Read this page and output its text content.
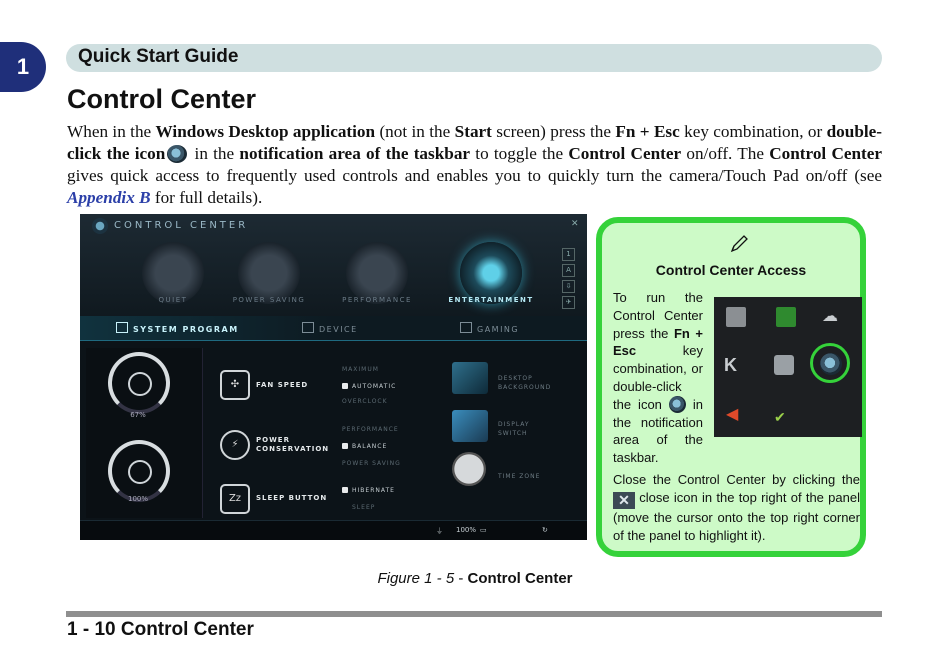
1	Quick Start Guide
Control Center

When in the Windows Desktop application (not in the Start screen) press the Fn + Esc key combination, or double-click the icon in the notification area of the taskbar to toggle the Control Center on/off. The Control Center gives quick access to frequently used controls and enables you to quickly turn the camera/Touch Pad on/off (see Appendix B for full details).

CONTROL CENTER	✕
QUIET	POWER SAVING	PERFORMANCE	ENTERTAINMENT
1
A
⇩
✈
SYSTEM PROGRAM	DEVICE	GAMING
67%
100%
✣	FAN SPEED
MAXIMUM
AUTOMATIC
OVERCLOCK
⚡	POWER CONSERVATION
PERFORMANCE
BALANCE
POWER SAVING
Zz	SLEEP BUTTON
HIBERNATE
SLEEP
DESKTOP BACKGROUND
DISPLAY SWITCH
TIME ZONE
⏚ 100% ▭	↻
Control Center Access

To run the Control Center press the Fn + Esc key combination, or double-click the icon  in the notification area of the taskbar.

☁
K
◀	✔

Close the Control Center by clicking the ✕ close icon in the top right of the panel (move the cursor onto the top right corner of the panel to highlight it).

Figure 1 - 5 - Control Center
1 - 10 Control Center
